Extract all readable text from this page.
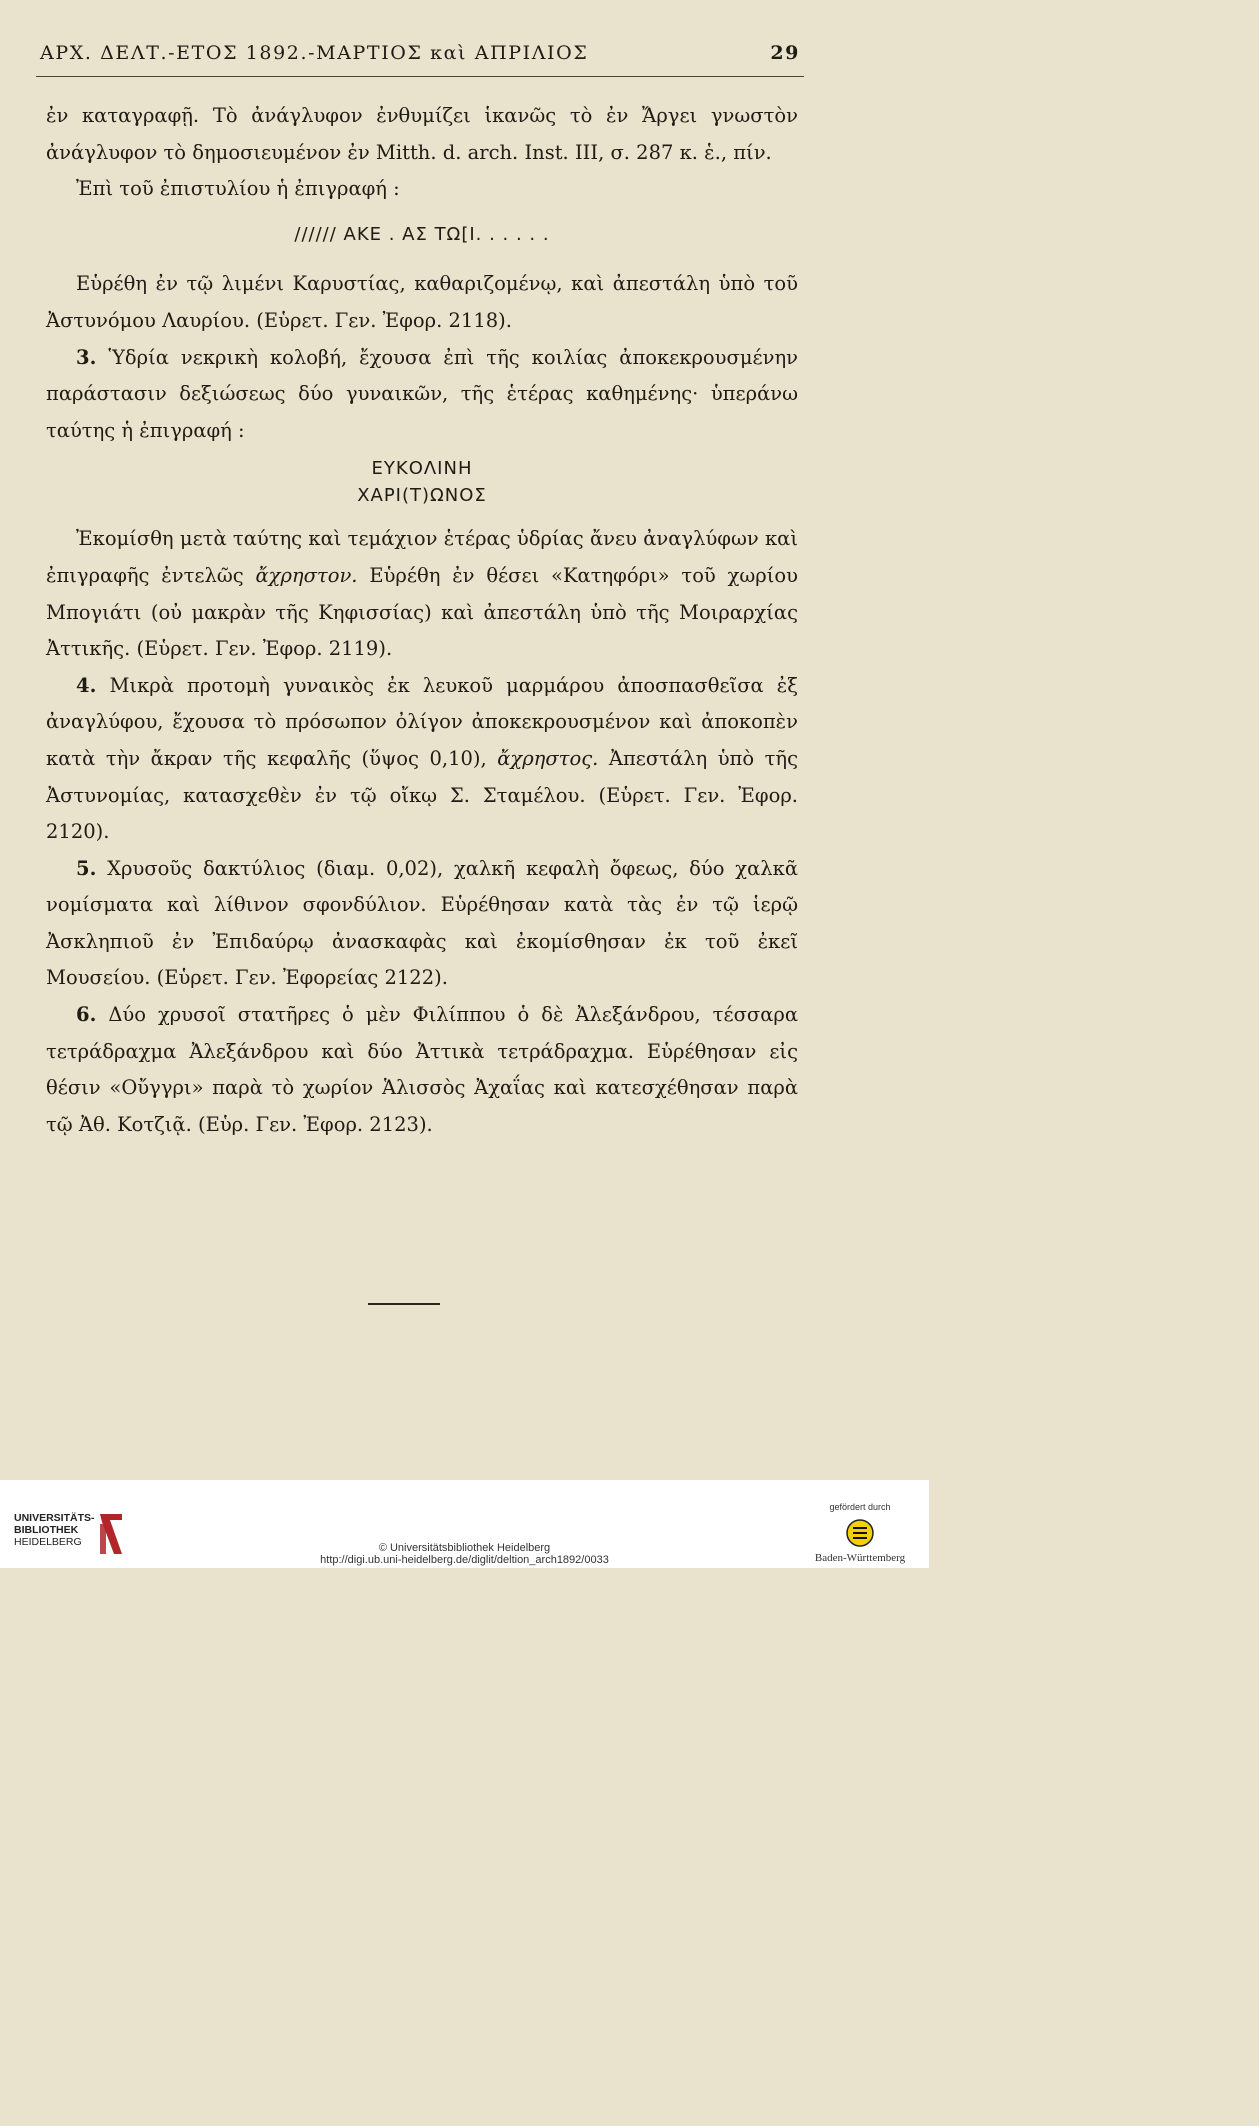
ΑΡΧ. ΔΕΛΤ.-ΕΤΟΣ 1892.-ΜΑΡΤΙΟΣ καὶ ΑΠΡΙΛΙΟΣ	29

ἐν καταγραφῇ. Τὸ ἀνάγλυφον ἐνθυμίζει ἱκανῶς τὸ ἐν Ἄργει γνωστὸν ἀνάγλυφον τὸ δημοσιευμένον ἐν Mitth. d. arch. Inst. III, σ. 287 κ. ἑ., πίν.

Ἐπὶ τοῦ ἐπιστυλίου ἡ ἐπιγραφή :

////// ΑΚΕ . ΑΣ ΤΩ[Ι. . . . . .

Εὑρέθη ἐν τῷ λιμένι Καρυστίας, καθαριζομένῳ, καὶ ἀπεστάλη ὑπὸ τοῦ Ἀστυνόμου Λαυρίου. (Εὑρετ. Γεν. Ἐφορ. 2118).

3. Ὑδρία νεκρικὴ κολοβή, ἔχουσα ἐπὶ τῆς κοιλίας ἀποκεκρουσμένην παράστασιν δεξιώσεως δύο γυναικῶν, τῆς ἑτέρας καθημένης· ὑπεράνω ταύτης ἡ ἐπιγραφή :

ΕΥΚΟΛΙΝΗ
ΧΑΡΙ(Τ)ΩΝΟΣ

Ἐκομίσθη μετὰ ταύτης καὶ τεμάχιον ἑτέρας ὑδρίας ἄνευ ἀναγλύφων καὶ ἐπιγραφῆς ἐντελῶς ἄχρηστον. Εὑρέθη ἐν θέσει «Κατηφόρι» τοῦ χωρίου Μπογιάτι (οὐ μακρὰν τῆς Κηφισσίας) καὶ ἀπεστάλη ὑπὸ τῆς Μοιραρχίας Ἀττικῆς. (Εὑρετ. Γεν. Ἐφορ. 2119).

4. Μικρὰ προτομὴ γυναικὸς ἐκ λευκοῦ μαρμάρου ἀποσπασθεῖσα ἐξ ἀναγλύφου, ἔχουσα τὸ πρόσωπον ὀλίγον ἀποκεκρουσμένον καὶ ἀποκοπὲν κατὰ τὴν ἄκραν τῆς κεφαλῆς (ὕψος 0,10), ἄχρηστος. Ἀπεστάλη ὑπὸ τῆς Ἀστυνομίας, κατασχεθὲν ἐν τῷ οἴκῳ Σ. Σταμέλου. (Εὑρετ. Γεν. Ἐφορ. 2120).

5. Χρυσοῦς δακτύλιος (διαμ. 0,02), χαλκῆ κεφαλὴ ὄφεως, δύο χαλκᾶ νομίσματα καὶ λίθινον σφονδύλιον. Εὑρέθησαν κατὰ τὰς ἐν τῷ ἱερῷ Ἀσκληπιοῦ ἐν Ἐπιδαύρῳ ἀνασκαφὰς καὶ ἐκομίσθησαν ἐκ τοῦ ἐκεῖ Μουσείου. (Εὑρετ. Γεν. Ἐφορείας 2122).

6. Δύο χρυσοῖ στατῆρες ὁ μὲν Φιλίππου ὁ δὲ Ἀλεξάνδρου, τέσσαρα τετράδραχμα Ἀλεξάνδρου καὶ δύο Ἀττικὰ τετράδραχμα. Εὑρέθησαν εἰς θέσιν «Οὔγγρι» παρὰ τὸ χωρίον Ἁλισσὸς Ἀχαΐας καὶ κατεσχέθησαν παρὰ τῷ Ἀθ. Κοτζιᾷ. (Εὑρ. Γεν. Ἐφορ. 2123).

UNIVERSITÄTS-
BIBLIOTHEK
HEIDELBERG	© Universitätsbibliothek Heidelberg
http://digi.ub.uni-heidelberg.de/diglit/deltion_arch1892/0033
gefördert durch
Baden-Württemberg
